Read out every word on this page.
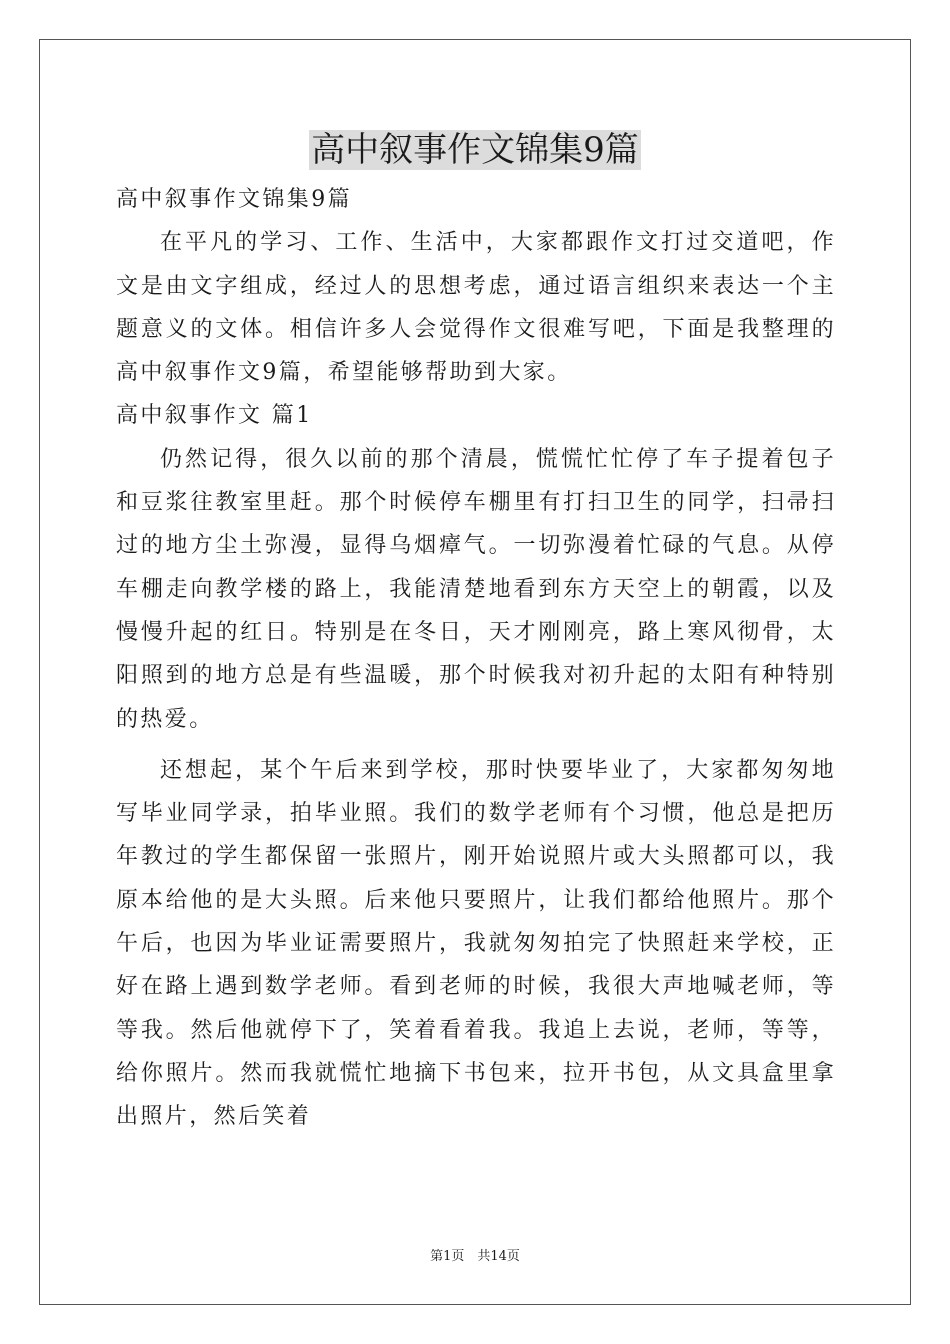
高中叙事作文锦集9篇

高中叙事作文锦集9篇

在平凡的学习、工作、生活中，大家都跟作文打过交道吧，作文是由文字组成，经过人的思想考虑，通过语言组织来表达一个主题意义的文体。相信许多人会觉得作文很难写吧，下面是我整理的高中叙事作文9篇，希望能够帮助到大家。

高中叙事作文 篇1

仍然记得，很久以前的那个清晨，慌慌忙忙停了车子提着包子和豆浆往教室里赶。那个时候停车棚里有打扫卫生的同学，扫帚扫过的地方尘土弥漫，显得乌烟瘴气。一切弥漫着忙碌的气息。从停车棚走向教学楼的路上，我能清楚地看到东方天空上的朝霞，以及慢慢升起的红日。特别是在冬日，天才刚刚亮，路上寒风彻骨，太阳照到的地方总是有些温暖，那个时候我对初升起的太阳有种特别的热爱。

还想起，某个午后来到学校，那时快要毕业了，大家都匆匆地写毕业同学录，拍毕业照。我们的数学老师有个习惯，他总是把历年教过的学生都保留一张照片，刚开始说照片或大头照都可以，我原本给他的是大头照。后来他只要照片，让我们都给他照片。那个午后，也因为毕业证需要照片，我就匆匆拍完了快照赶来学校，正好在路上遇到数学老师。看到老师的时候，我很大声地喊老师，等等我。然后他就停下了，笑着看着我。我追上去说，老师，等等，给你照片。然而我就慌忙地摘下书包来，拉开书包，从文具盒里拿出照片，然后笑着

第1页　共14页
